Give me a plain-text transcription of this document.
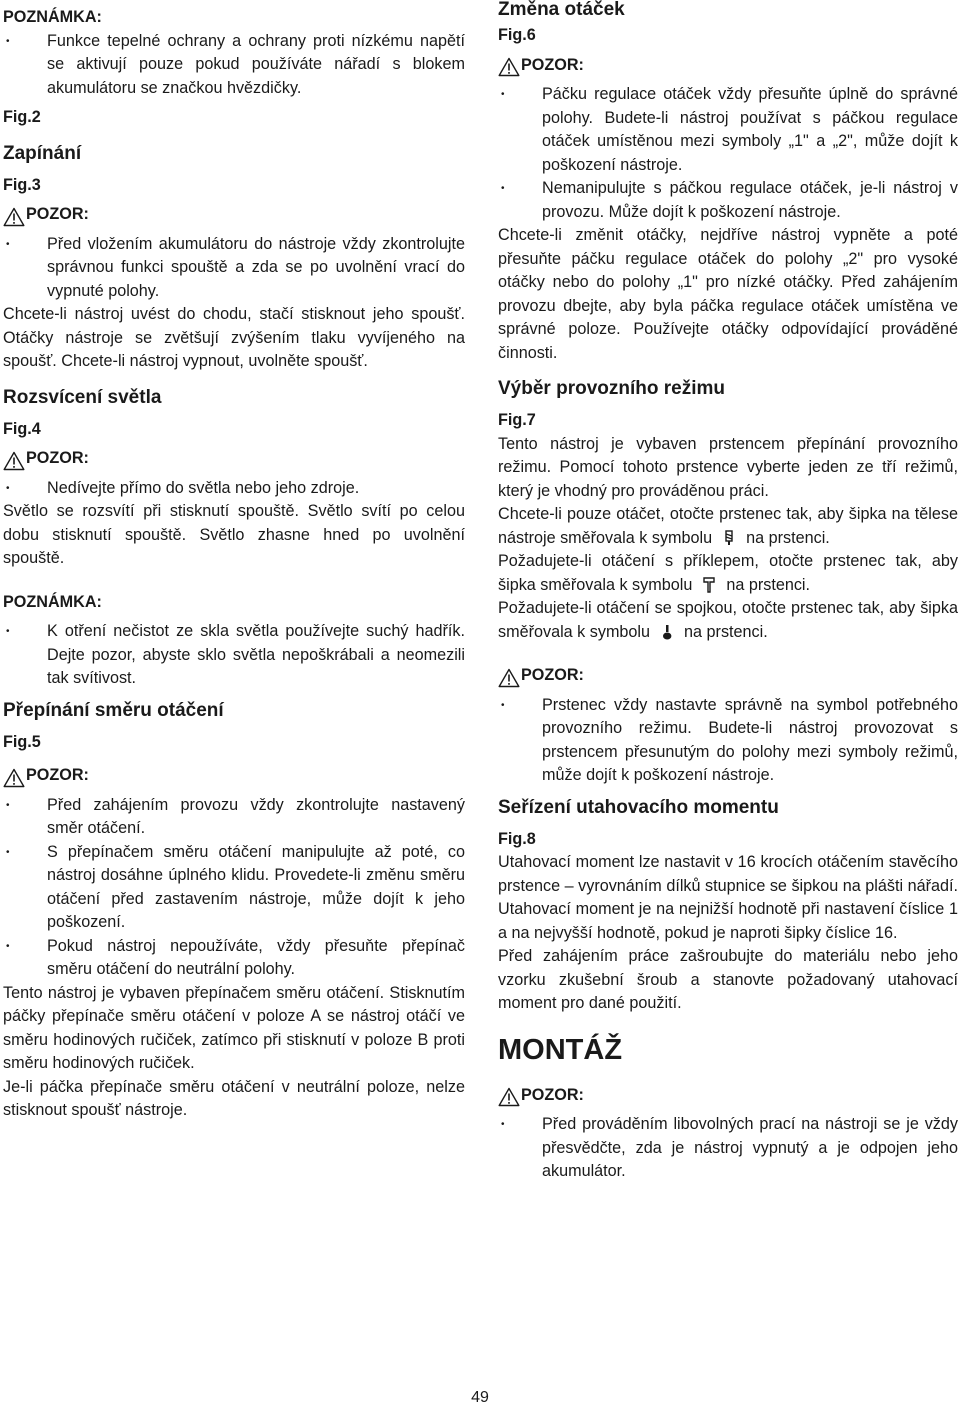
POZNÁMKA:

•	Funkce tepelné ochrany a ochrany proti nízkému napětí se aktivují pouze pokud používáte nářadí s blokem akumulátoru se značkou hvězdičky.

Fig.2

Zapínání

Fig.3

POZOR:

•	Před vložením akumulátoru do nástroje vždy zkontrolujte správnou funkci spouště a zda se po uvolnění vrací do vypnuté polohy.

Chcete-li nástroj uvést do chodu, stačí stisknout jeho spoušť. Otáčky nástroje se zvětšují zvýšením tlaku vyvíjeného na spoušť. Chcete-li nástroj vypnout, uvolněte spoušť.

Rozsvícení světla

Fig.4

POZOR:

•	Nedívejte přímo do světla nebo jeho zdroje.

Světlo se rozsvítí při stisknutí spouště. Světlo svítí po celou dobu stisknutí spouště. Světlo zhasne hned po uvolnění spouště.

POZNÁMKA:

•	K otření nečistot ze skla světla používejte suchý hadřík. Dejte pozor, abyste sklo světla nepoškrábali a neomezili tak svítivost.

Přepínání směru otáčení

Fig.5

POZOR:

•	Před zahájením provozu vždy zkontrolujte nastavený směr otáčení.
•	S přepínačem směru otáčení manipulujte až poté, co nástroj dosáhne úplného klidu. Provedete-li změnu směru otáčení před zastavením nástroje, může dojít k jeho poškození.
•	Pokud nástroj nepoužíváte, vždy přesuňte přepínač směru otáčení do neutrální polohy.

Tento nástroj je vybaven přepínačem směru otáčení. Stisknutím páčky přepínače směru otáčení v poloze A se nástroj otáčí ve směru hodinových ručiček, zatímco při stisknutí v poloze B proti směru hodinových ručiček.

Je-li páčka přepínače směru otáčení v neutrální poloze, nelze stisknout spoušť nástroje.

Změna otáček

Fig.6

POZOR:

•	Páčku regulace otáček vždy přesuňte úplně do správné polohy. Budete-li nástroj používat s páčkou regulace otáček umístěnou mezi symboly „1" a „2", může dojít k poškození nástroje.
•	Nemanipulujte s páčkou regulace otáček, je-li nástroj v provozu. Může dojít k poškození nástroje.

Chcete-li změnit otáčky, nejdříve nástroj vypněte a poté přesuňte páčku regulace otáček do polohy „2" pro vysoké otáčky nebo do polohy „1" pro nízké otáčky. Před zahájením provozu dbejte, aby byla páčka regulace otáček umístěna ve správné poloze. Používejte otáčky odpovídající prováděné činnosti.

Výběr provozního režimu

Fig.7

Tento nástroj je vybaven prstencem přepínání provozního režimu. Pomocí tohoto prstence vyberte jeden ze tří režimů, který je vhodný pro prováděnou práci.

Chcete-li pouze otáčet, otočte prstenec tak, aby šipka na tělese nástroje směřovala k symbolu na prstenci.

Požadujete-li otáčení s příklepem, otočte prstenec tak, aby šipka směřovala k symbolu na prstenci.

Požadujete-li otáčení se spojkou, otočte prstenec tak, aby šipka směřovala k symbolu na prstenci.

POZOR:

•	Prstenec vždy nastavte správně na symbol potřebného provozního režimu. Budete-li nástroj provozovat s prstencem přesunutým do polohy mezi symboly režimů, může dojít k poškození nástroje.

Seřízení utahovacího momentu

Fig.8

Utahovací moment lze nastavit v 16 krocích otáčením stavěcího prstence – vyrovnáním dílků stupnice se šipkou na plášti nářadí. Utahovací moment je na nejnižší hodnotě při nastavení číslice 1 a na nejvyšší hodnotě, pokud je naproti šipky číslice 16.

Před zahájením práce zašroubujte do materiálu nebo jeho vzorku zkušební šroub a stanovte požadovaný utahovací moment pro dané použití.

MONTÁŽ

POZOR:

•	Před prováděním libovolných prací na nástroji se je vždy přesvědčte, zda je nástroj vypnutý a je odpojen jeho akumulátor.
49
